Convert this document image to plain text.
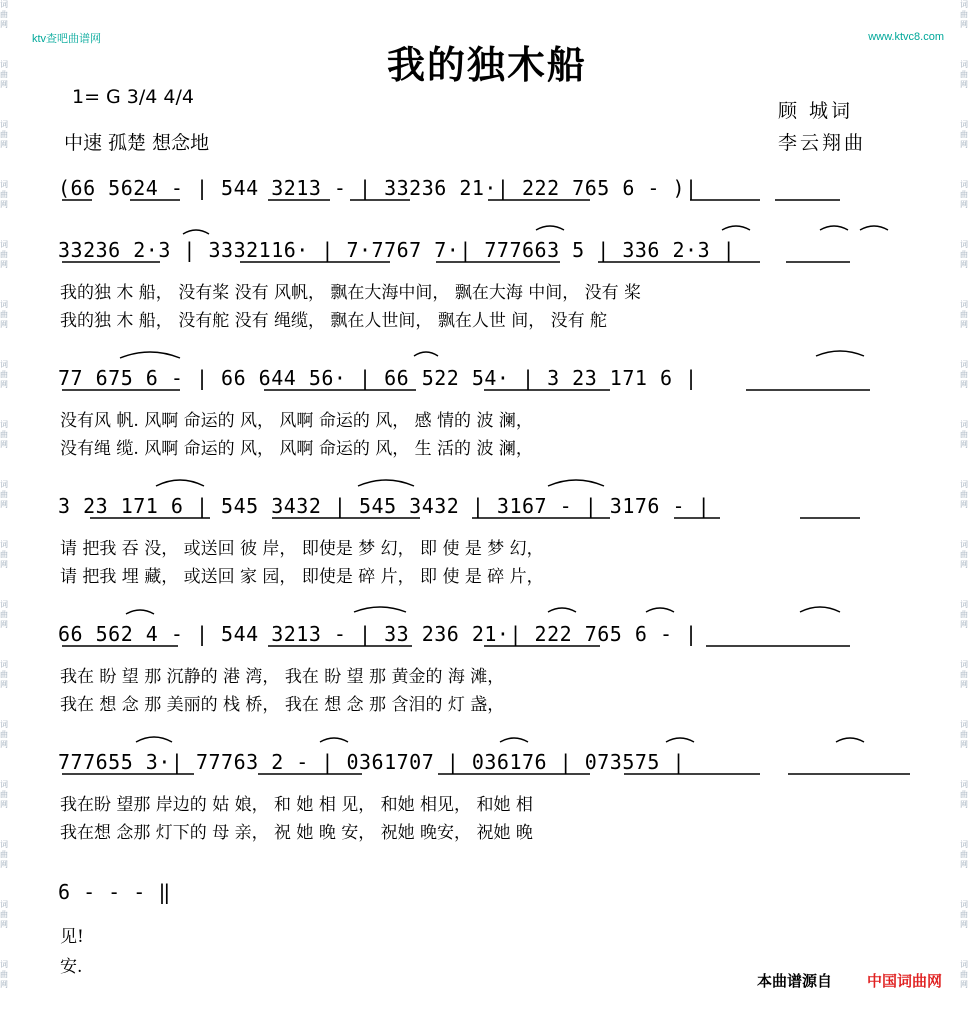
ktv查吧曲谱网	www.ktvc8.com
词曲网
词曲网
词曲网
词曲网
词曲网
词曲网
词曲网
词曲网
词曲网
词曲网
词曲网
词曲网
词曲网
词曲网
词曲网
词曲网
词曲网
词曲网
词曲网
词曲网
词曲网
词曲网
词曲网
词曲网
词曲网
词曲网
词曲网
词曲网
词曲网
词曲网
词曲网
词曲网
词曲网
词曲网
我的独木船
1= G 3/4 4/4
中速 孤楚 想念地
顾 城词
李云翔曲
(66 5624 - | 544 3213 - | 33236 21·| 222 765 6 - )|
33236 2·3 | 3332116· | 7·7767 7·| 777663 5 | 336 2·3 |
我的独 木 船， 没有桨 没有 风帆， 飘在大海中间， 飘在大海 中间， 没有 桨
我的独 木 船， 没有舵 没有 绳缆， 飘在人世间， 飘在人世 间， 没有 舵
77 675 6 - | 66 644 56· | 66 522 54· | 3 23 171 6 |
没有风 帆. 风啊 命运的 风， 风啊 命运的 风， 感 情的 波 澜，
没有绳 缆. 风啊 命运的 风， 风啊 命运的 风， 生 活的 波 澜，
3 23 171 6 | 545 3432 | 545 3432 | 3167 - | 3176 - |
请 把我 吞 没， 或送回 彼 岸， 即使是 梦 幻， 即 使 是 梦 幻，
请 把我 埋 藏， 或送回 家 园， 即使是 碎 片， 即 使 是 碎 片，
66 562 4 - | 544 3213 - | 33 236 21·| 222 765 6 - |
我在 盼 望 那 沉静的 港 湾， 我在 盼 望 那 黄金的 海 滩，
我在 想 念 那 美丽的 栈 桥， 我在 想 念 那 含泪的 灯 盏，
777655 3·| 77763 2 - | 0361707 | 036176 | 073575 |
我在盼 望那 岸边的 姑 娘， 和 她 相 见， 和她 相见， 和她 相
我在想 念那 灯下的 母 亲， 祝 她 晚 安， 祝她 晚安， 祝她 晚
6 - - - ‖
见!
安.
本曲谱源自 中国词曲网
